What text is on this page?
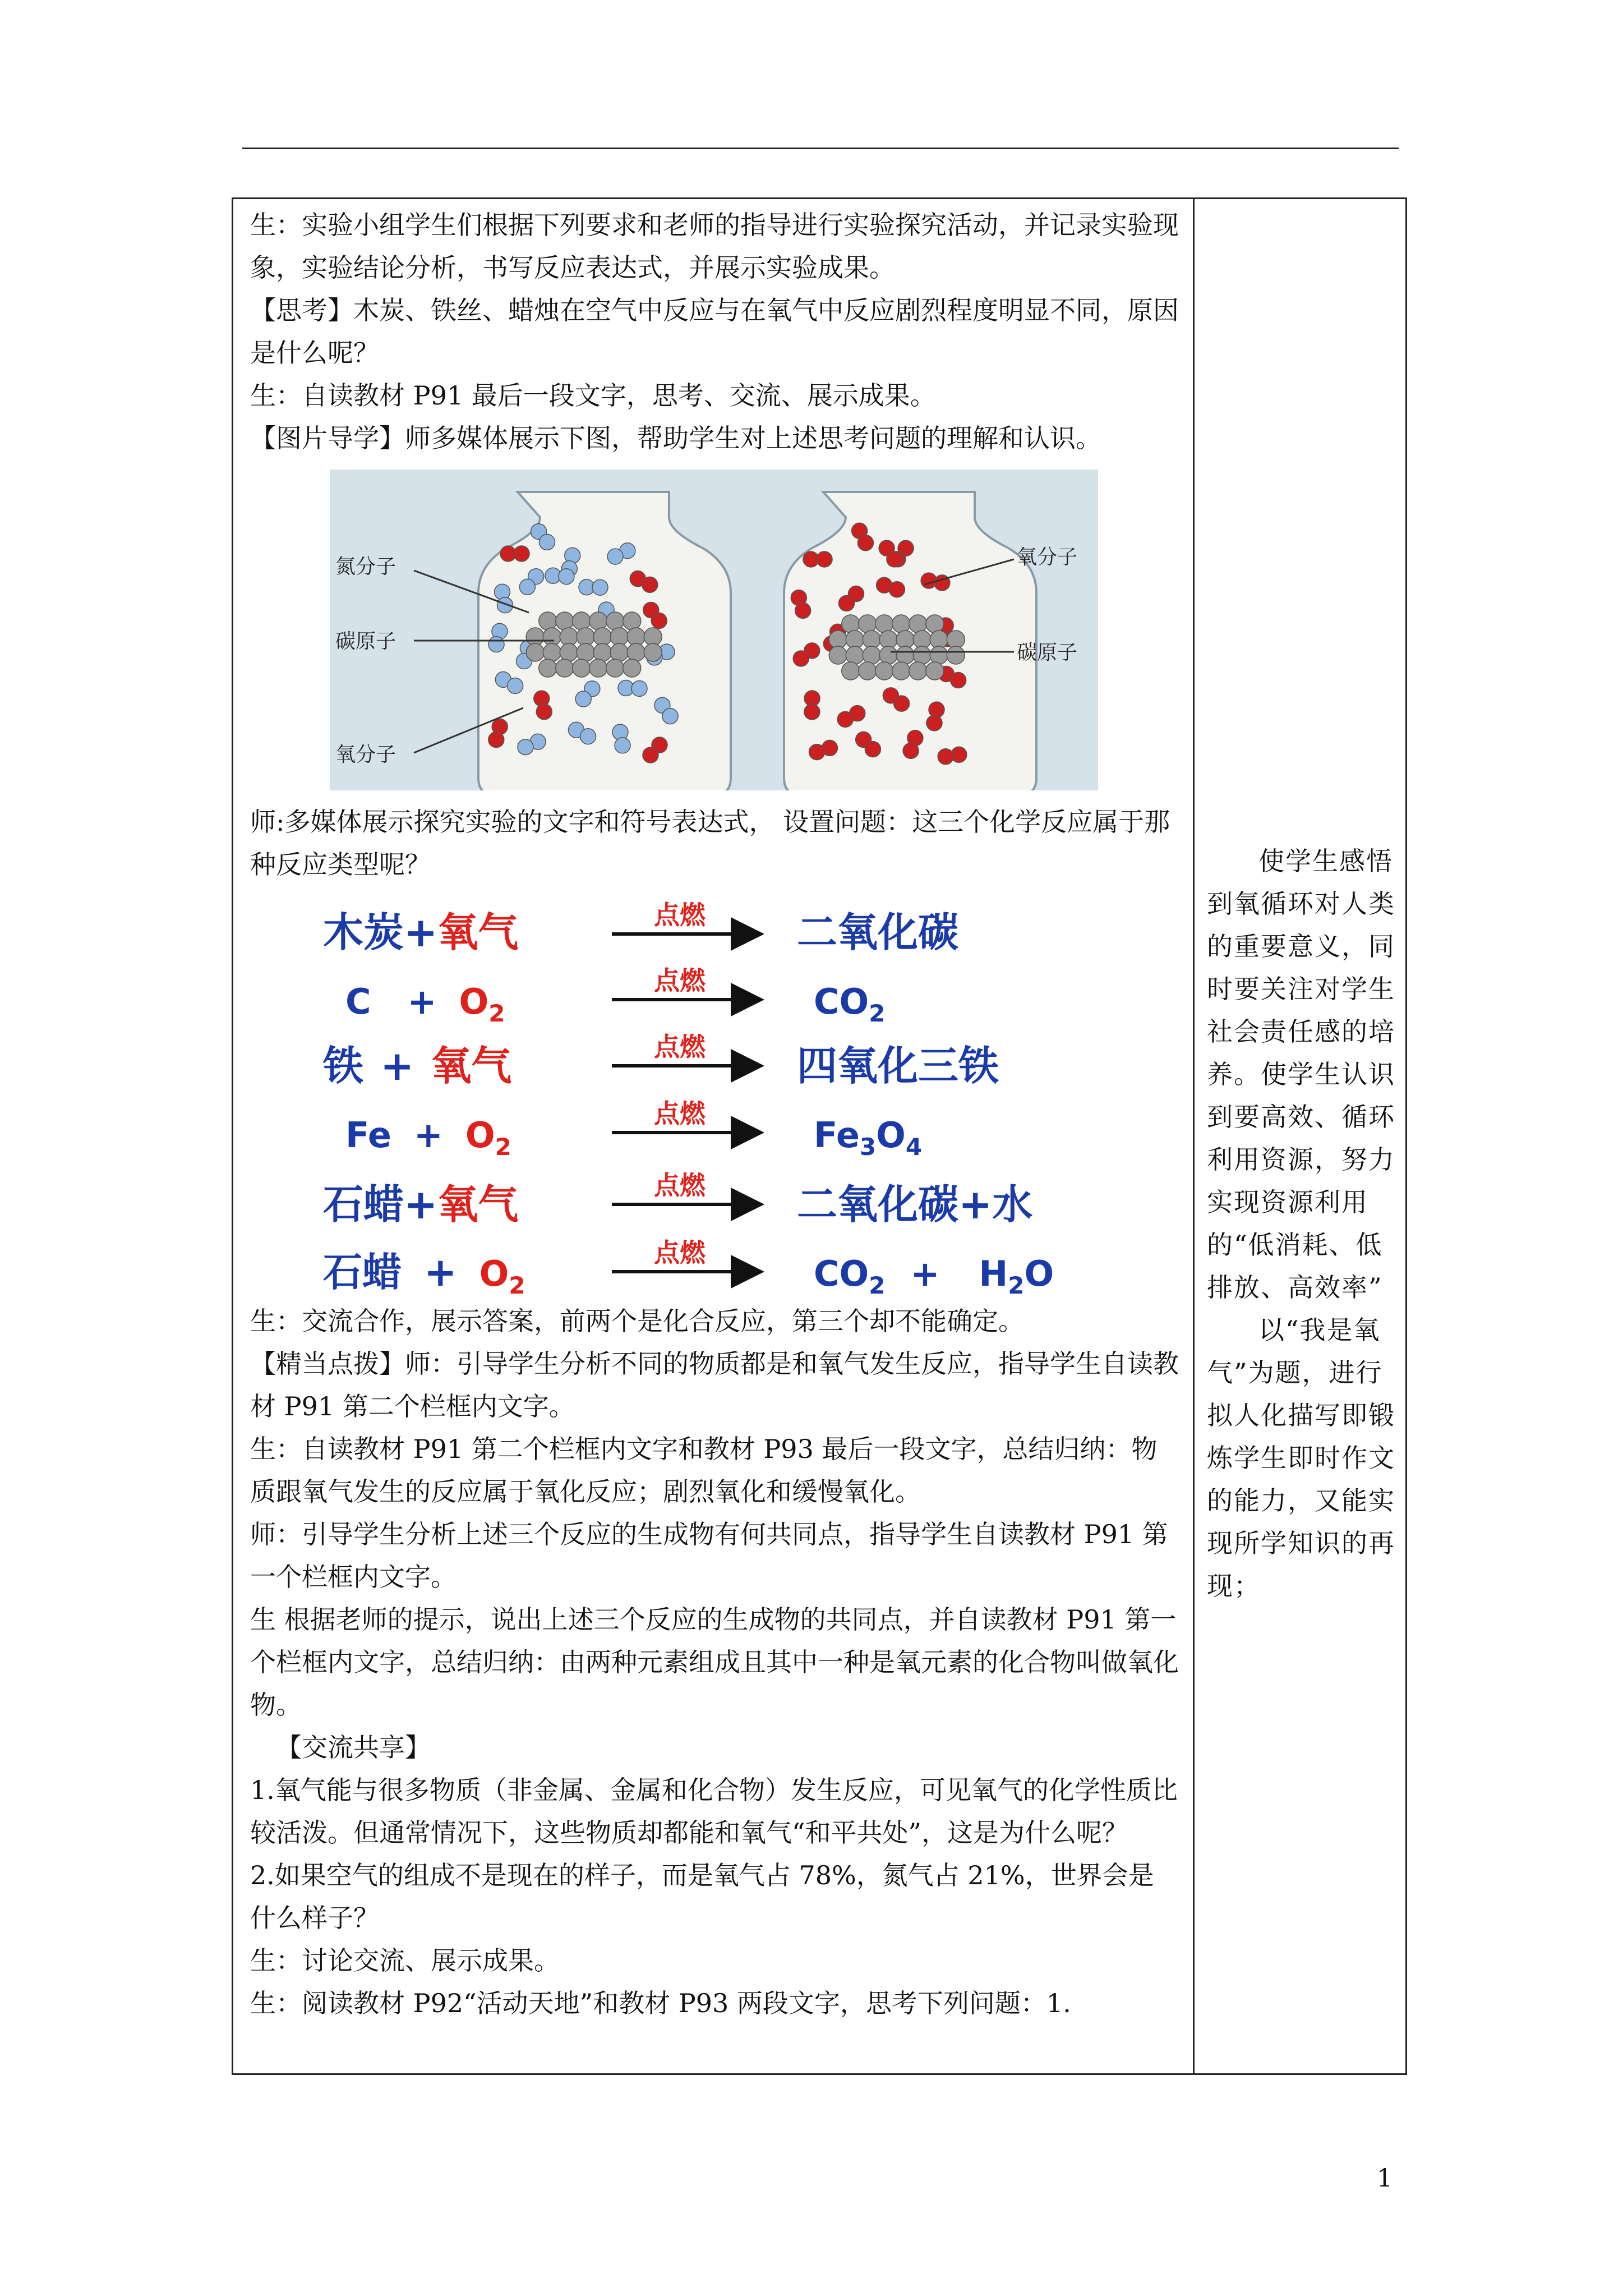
生：实验小组学生们根据下列要求和老师的指导进行实验探究活动，并记录实验现象，实验结论分析，书写反应表达式，并展示实验成果。

【思考】木炭、铁丝、蜡烛在空气中反应与在氧气中反应剧烈程度明显不同，原因是什么呢？

生：自读教材 P91 最后一段文字，思考、交流、展示成果。

【图片导学】师多媒体展示下图，帮助学生对上述思考问题的理解和认识。

氮分子
碳原子
氧分子
氧分子
碳原子

师:多媒体展示探究实验的文字和符号表达式， 设置问题：这三个化学反应属于那种反应类型呢？

点燃
点燃
点燃
点燃
点燃
点燃
木炭+氧气	二氧化碳
$C + O_2$	$CO_2$
铁 + 氧气	四氧化三铁
$Fe + O_2$	$Fe_3O_4$
石蜡+氧气	二氧化碳+水
石蜡 + $O_2$	$CO_2 + H_2O$

生：交流合作，展示答案，前两个是化合反应，第三个却不能确定。

【精当点拨】师：引导学生分析不同的物质都是和氧气发生反应，指导学生自读教材 P91 第二个栏框内文字。

生：自读教材 P91 第二个栏框内文字和教材 P93 最后一段文字，总结归纳：物质跟氧气发生的反应属于氧化反应；剧烈氧化和缓慢氧化。

师：引导学生分析上述三个反应的生成物有何共同点，指导学生自读教材 P91 第一个栏框内文字。

生 根据老师的提示，说出上述三个反应的生成物的共同点，并自读教材 P91 第一个栏框内文字，总结归纳：由两种元素组成且其中一种是氧元素的化合物叫做氧化物。

【交流共享】

1.氧气能与很多物质（非金属、金属和化合物）发生反应，可见氧气的化学性质比较活泼。但通常情况下，这些物质却都能和氧气“和平共处”，这是为什么呢？

2.如果空气的组成不是现在的样子，而是氧气占 78%，氮气占 21%，世界会是什么样子？

生：讨论交流、展示成果。

生：阅读教材 P92“活动天地”和教材 P93 两段文字，思考下列问题：1.

使学生感悟到氧循环对人类的重要意义，同时要关注对学生社会责任感的培养。使学生认识到要高效、循环利用资源，努力实现资源利用的“低消耗、低排放、高效率”

以“我是氧气”为题，进行拟人化描写即锻炼学生即时作文的能力，又能实现所学知识的再现；

1
